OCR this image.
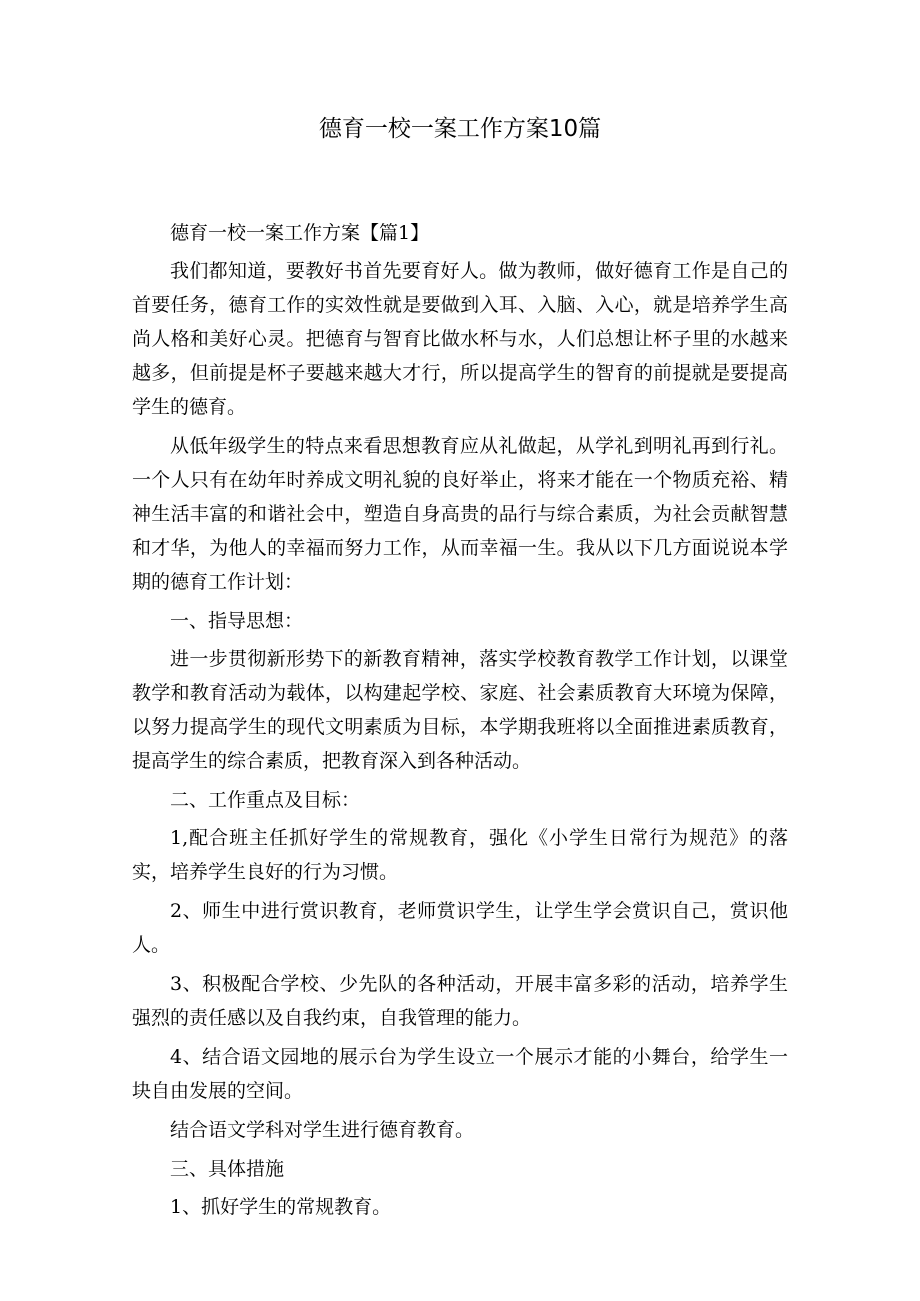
德育一校一案工作方案10篇

德育一校一案工作方案【篇1】

我们都知道，要教好书首先要育好人。做为教师，做好德育工作是自己的首要任务，德育工作的实效性就是要做到入耳、入脑、入心，就是培养学生高尚人格和美好心灵。把德育与智育比做水杯与水，人们总想让杯子里的水越来越多，但前提是杯子要越来越大才行，所以提高学生的智育的前提就是要提高学生的德育。

从低年级学生的特点来看思想教育应从礼做起，从学礼到明礼再到行礼。一个人只有在幼年时养成文明礼貌的良好举止，将来才能在一个物质充裕、精神生活丰富的和谐社会中，塑造自身高贵的品行与综合素质，为社会贡献智慧和才华，为他人的幸福而努力工作，从而幸福一生。我从以下几方面说说本学期的德育工作计划：

一、指导思想：

进一步贯彻新形势下的新教育精神，落实学校教育教学工作计划，以课堂教学和教育活动为载体，以构建起学校、家庭、社会素质教育大环境为保障，以努力提高学生的现代文明素质为目标，本学期我班将以全面推进素质教育，提高学生的综合素质，把教育深入到各种活动。

二、工作重点及目标：

1,配合班主任抓好学生的常规教育，强化《小学生日常行为规范》的落实，培养学生良好的行为习惯。

2、师生中进行赏识教育，老师赏识学生，让学生学会赏识自己，赏识他人。

3、积极配合学校、少先队的各种活动，开展丰富多彩的活动，培养学生强烈的责任感以及自我约束，自我管理的能力。

4、结合语文园地的展示台为学生设立一个展示才能的小舞台，给学生一块自由发展的空间。

结合语文学科对学生进行德育教育。

三、具体措施

1、抓好学生的常规教育。
